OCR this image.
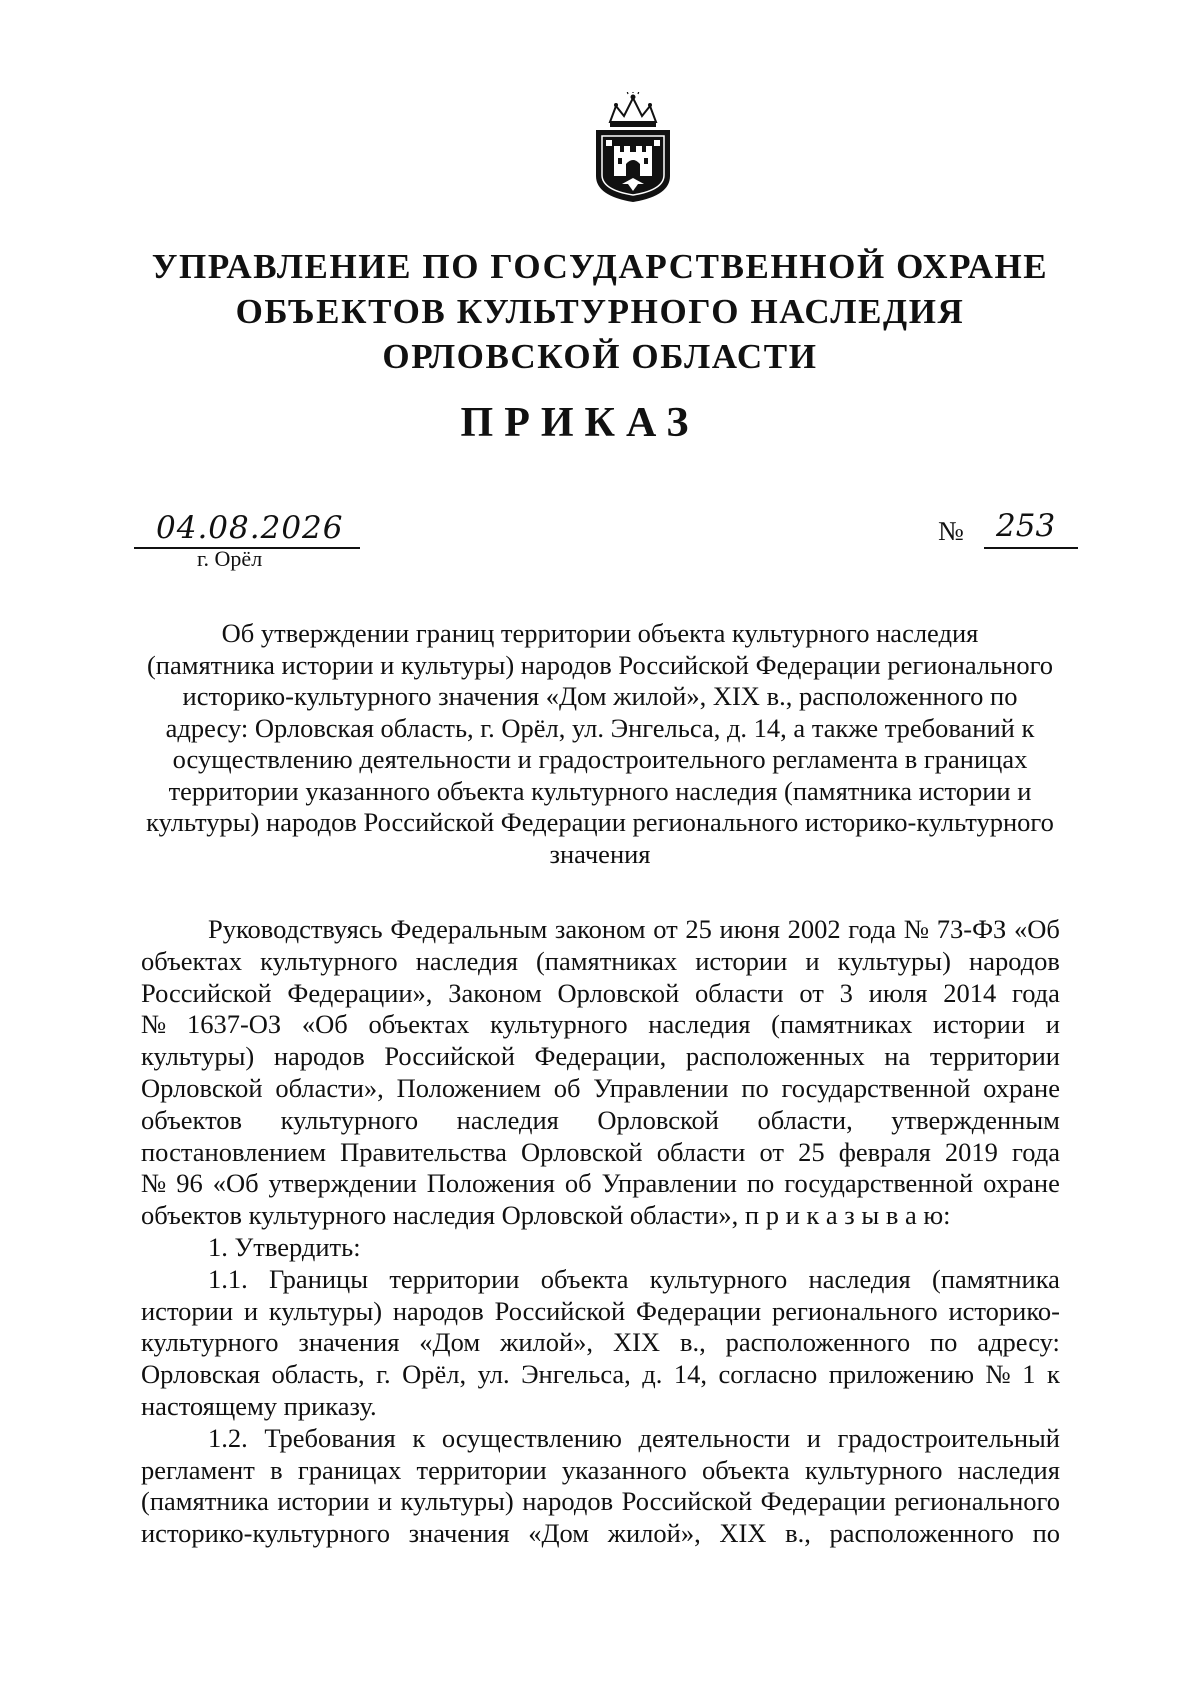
УПРАВЛЕНИЕ ПО ГОСУДАРСТВЕННОЙ ОХРАНЕ
ОБЪЕКТОВ КУЛЬТУРНОГО НАСЛЕДИЯ
ОРЛОВСКОЙ ОБЛАСТИ
ПРИКАЗ
04.08.2026
г. Орёл
№ 253
Об утверждении границ территории объекта культурного наследия
(памятника истории и культуры) народов Российской Федерации регионального
историко-культурного значения «Дом жилой», XIX в., расположенного по
адресу: Орловская область, г. Орёл, ул. Энгельса, д. 14, а также требований к
осуществлению деятельности и градостроительного регламента в границах
территории указанного объекта культурного наследия (памятника истории и
культуры) народов Российской Федерации регионального историко-культурного
значения
Руководствуясь Федеральным законом от 25 июня 2002 года № 73-ФЗ «Об
объектах культурного наследия (памятниках истории и культуры) народов
Российской Федерации», Законом Орловской области от 3 июля 2014 года
№ 1637-ОЗ «Об объектах культурного наследия (памятниках истории и
культуры) народов Российской Федерации, расположенных на территории
Орловской области», Положением об Управлении по государственной охране
объектов культурного наследия Орловской области, утвержденным
постановлением Правительства Орловской области от 25 февраля 2019 года
№ 96 «Об утверждении Положения об Управлении по государственной охране
объектов культурного наследия Орловской области», п р и к а з ы в а ю:
1. Утвердить:
1.1. Границы территории объекта культурного наследия (памятника
истории и культуры) народов Российской Федерации регионального историко-
культурного значения «Дом жилой», XIX в., расположенного по адресу:
Орловская область, г. Орёл, ул. Энгельса, д. 14, согласно приложению № 1 к
настоящему приказу.
1.2. Требования к осуществлению деятельности и градостроительный
регламент в границах территории указанного объекта культурного наследия
(памятника истории и культуры) народов Российской Федерации регионального
историко-культурного значения «Дом жилой», XIX в., расположенного по
